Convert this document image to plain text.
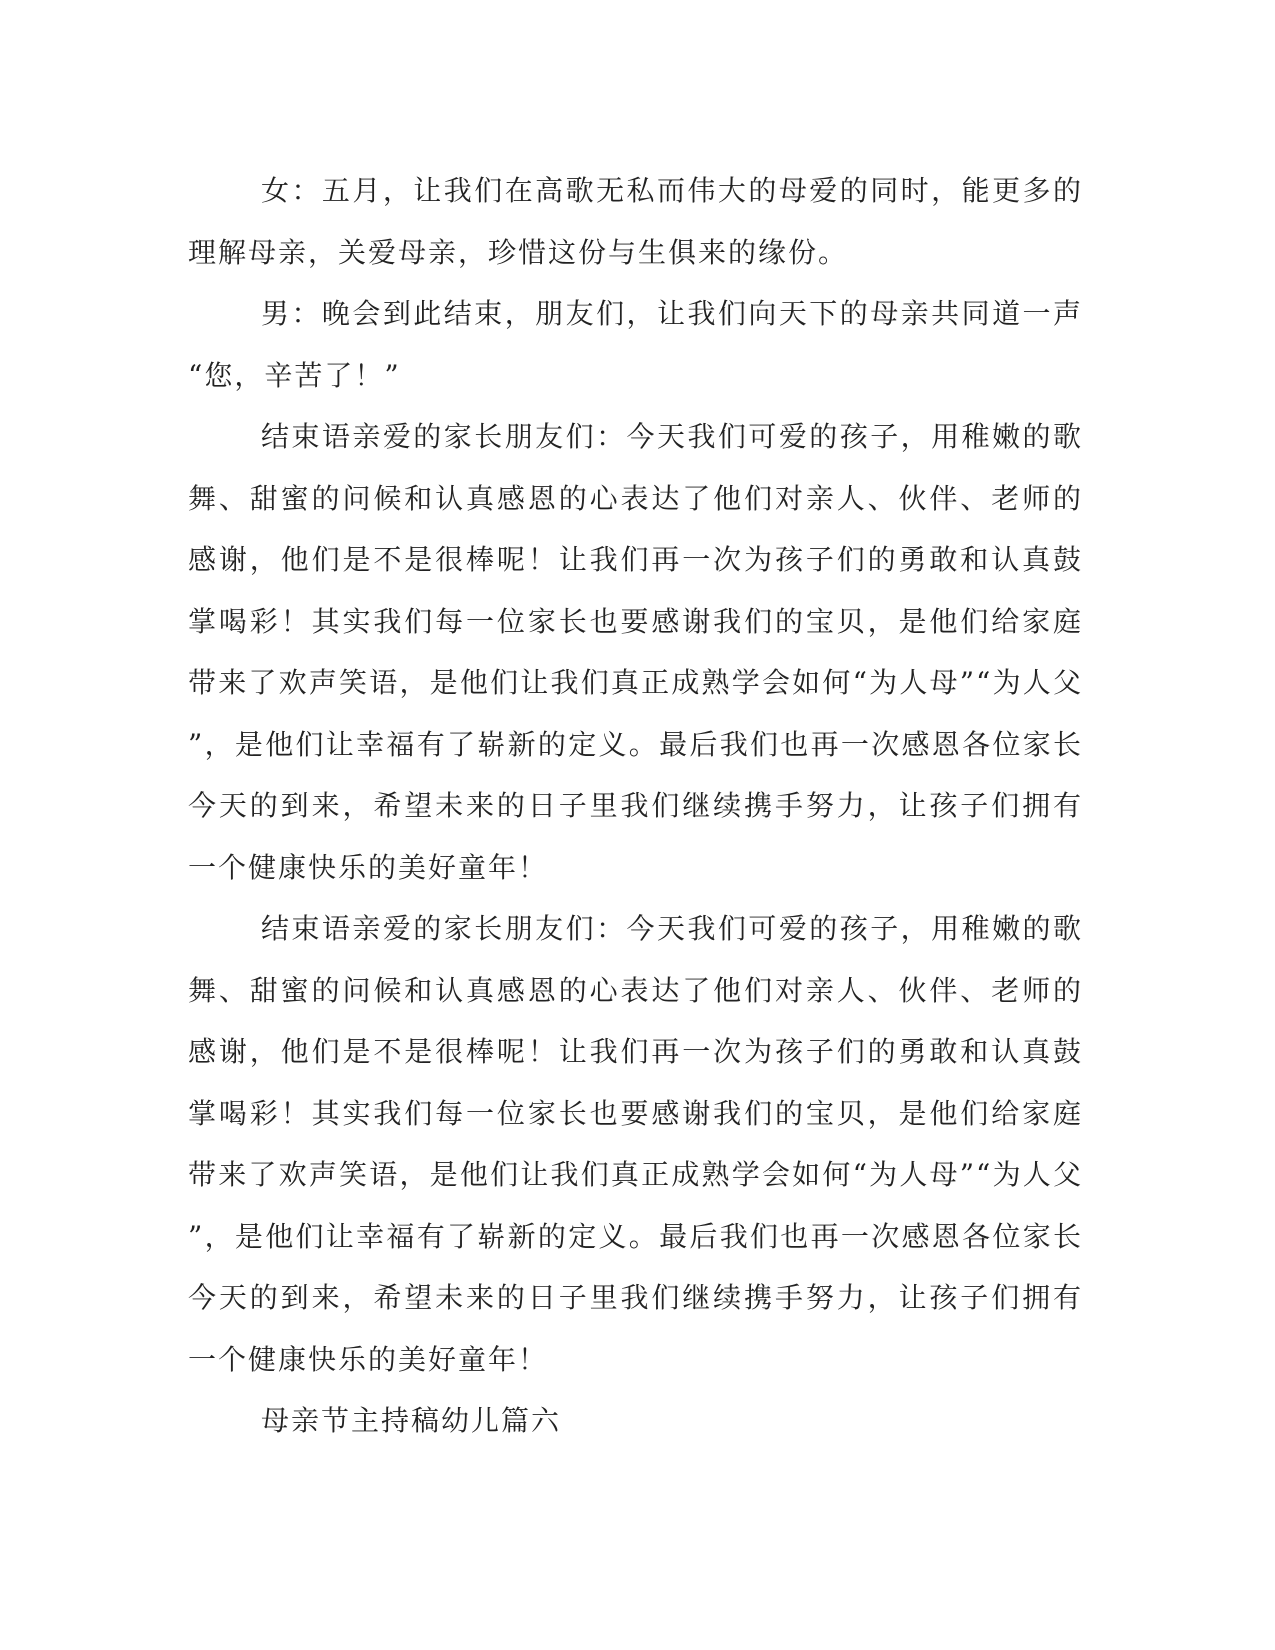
女：五月，让我们在高歌无私而伟大的母爱的同时，能更多的理解母亲，关爱母亲，珍惜这份与生俱来的缘份。

男：晚会到此结束，朋友们，让我们向天下的母亲共同道一声“您，辛苦了！”

结束语亲爱的家长朋友们：今天我们可爱的孩子，用稚嫩的歌舞、甜蜜的问候和认真感恩的心表达了他们对亲人、伙伴、老师的感谢，他们是不是很棒呢！让我们再一次为孩子们的勇敢和认真鼓掌喝彩！其实我们每一位家长也要感谢我们的宝贝，是他们给家庭带来了欢声笑语，是他们让我们真正成熟学会如何“为人母”“为人父”，是他们让幸福有了崭新的定义。最后我们也再一次感恩各位家长今天的到来，希望未来的日子里我们继续携手努力，让孩子们拥有一个健康快乐的美好童年！

结束语亲爱的家长朋友们：今天我们可爱的孩子，用稚嫩的歌舞、甜蜜的问候和认真感恩的心表达了他们对亲人、伙伴、老师的感谢，他们是不是很棒呢！让我们再一次为孩子们的勇敢和认真鼓掌喝彩！其实我们每一位家长也要感谢我们的宝贝，是他们给家庭带来了欢声笑语，是他们让我们真正成熟学会如何“为人母”“为人父”，是他们让幸福有了崭新的定义。最后我们也再一次感恩各位家长今天的到来，希望未来的日子里我们继续携手努力，让孩子们拥有一个健康快乐的美好童年！

母亲节主持稿幼儿篇六
